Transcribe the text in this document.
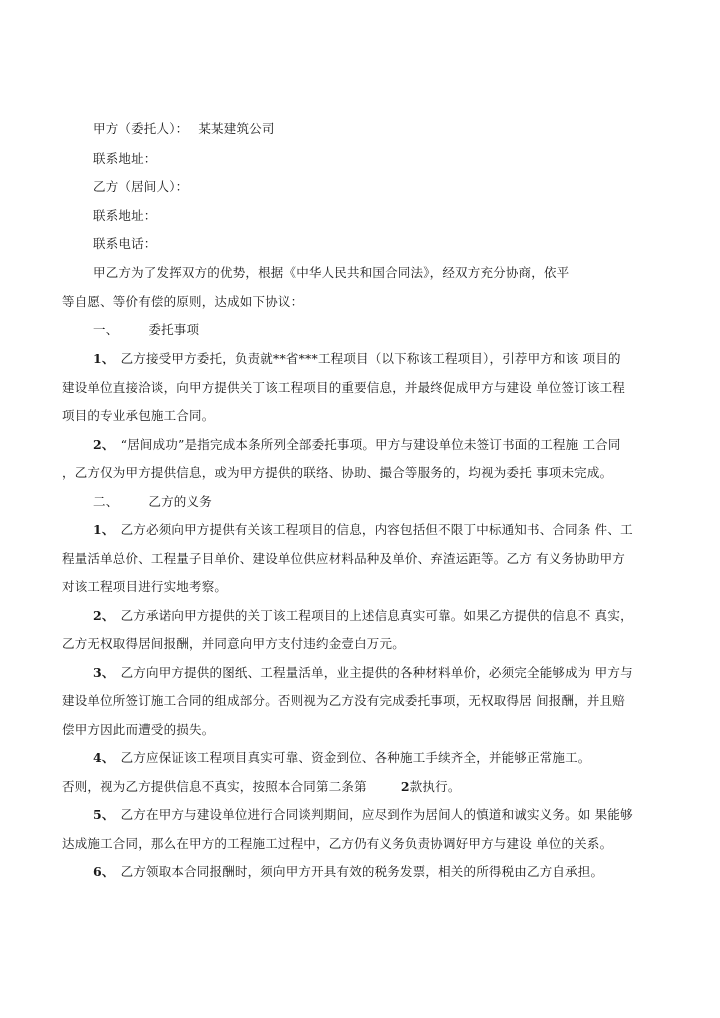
甲方（委托人）： 某某建筑公司
联系地址：
乙方（居间人）：
联系地址：
联系电话：
甲乙方为了发挥双方的优势，根据《中华人民共和国合同法》，经双方充分协商，依平
等自愿、等价有偿的原则，达成如下协议：
一、 委托事项
1、 乙方接受甲方委托，负责就**省***工程项目（以下称该工程项目），引荐甲方和该 项目的
建设单位直接洽谈，向甲方提供关丁该工程项目的重要信息，并最终促成甲方与建设 单位签订该工程
项目的专业承包施工合同。
2、 “居间成功”是指完成本条所列全部委托事项。甲方与建设单位未签订书面的工程施 工合同
，乙方仅为甲方提供信息，或为甲方提供的联络、协助、撮合等服务的，均视为委托 事项未完成。
二、 乙方的义务
1、 乙方必须向甲方提供有关该工程项目的信息，内容包括但不限丁中标通知书、合同条 件、工
程量活单总价、工程量子目单价、建设单位供应材料品种及单价、弃渣运距等。乙方 有义务协助甲方
对该工程项目进行实地考察。
2、 乙方承诺向甲方提供的关丁该工程项目的上述信息真实可靠。如果乙方提供的信息不 真实，
乙方无权取得居间报酬，并同意向甲方支付违约金壹白万元。
3、 乙方向甲方提供的图纸、工程量活单，业主提供的各种材料单价，必须完全能够成为 甲方与
建设单位所签订施工合同的组成部分。否则视为乙方没有完成委托事项，无权取得居 间报酬，并且赔
偿甲方因此而遭受的损失。
4、 乙方应保证该工程项目真实可靠、资金到位、各种施工手续齐全，并能够正常施工。
否则，视为乙方提供信息不真实，按照本合同第二条第	2款执行。
5、 乙方在甲方与建设单位进行合同谈判期间，应尽到作为居间人的慎道和诚实义务。如 果能够
达成施工合同，那么在甲方的工程施工过程中，乙方仍有义务负责协调好甲方与建设 单位的关系。
6、 乙方领取本合同报酬时，须向甲方开具有效的税务发票，相关的所得税由乙方自承担。
